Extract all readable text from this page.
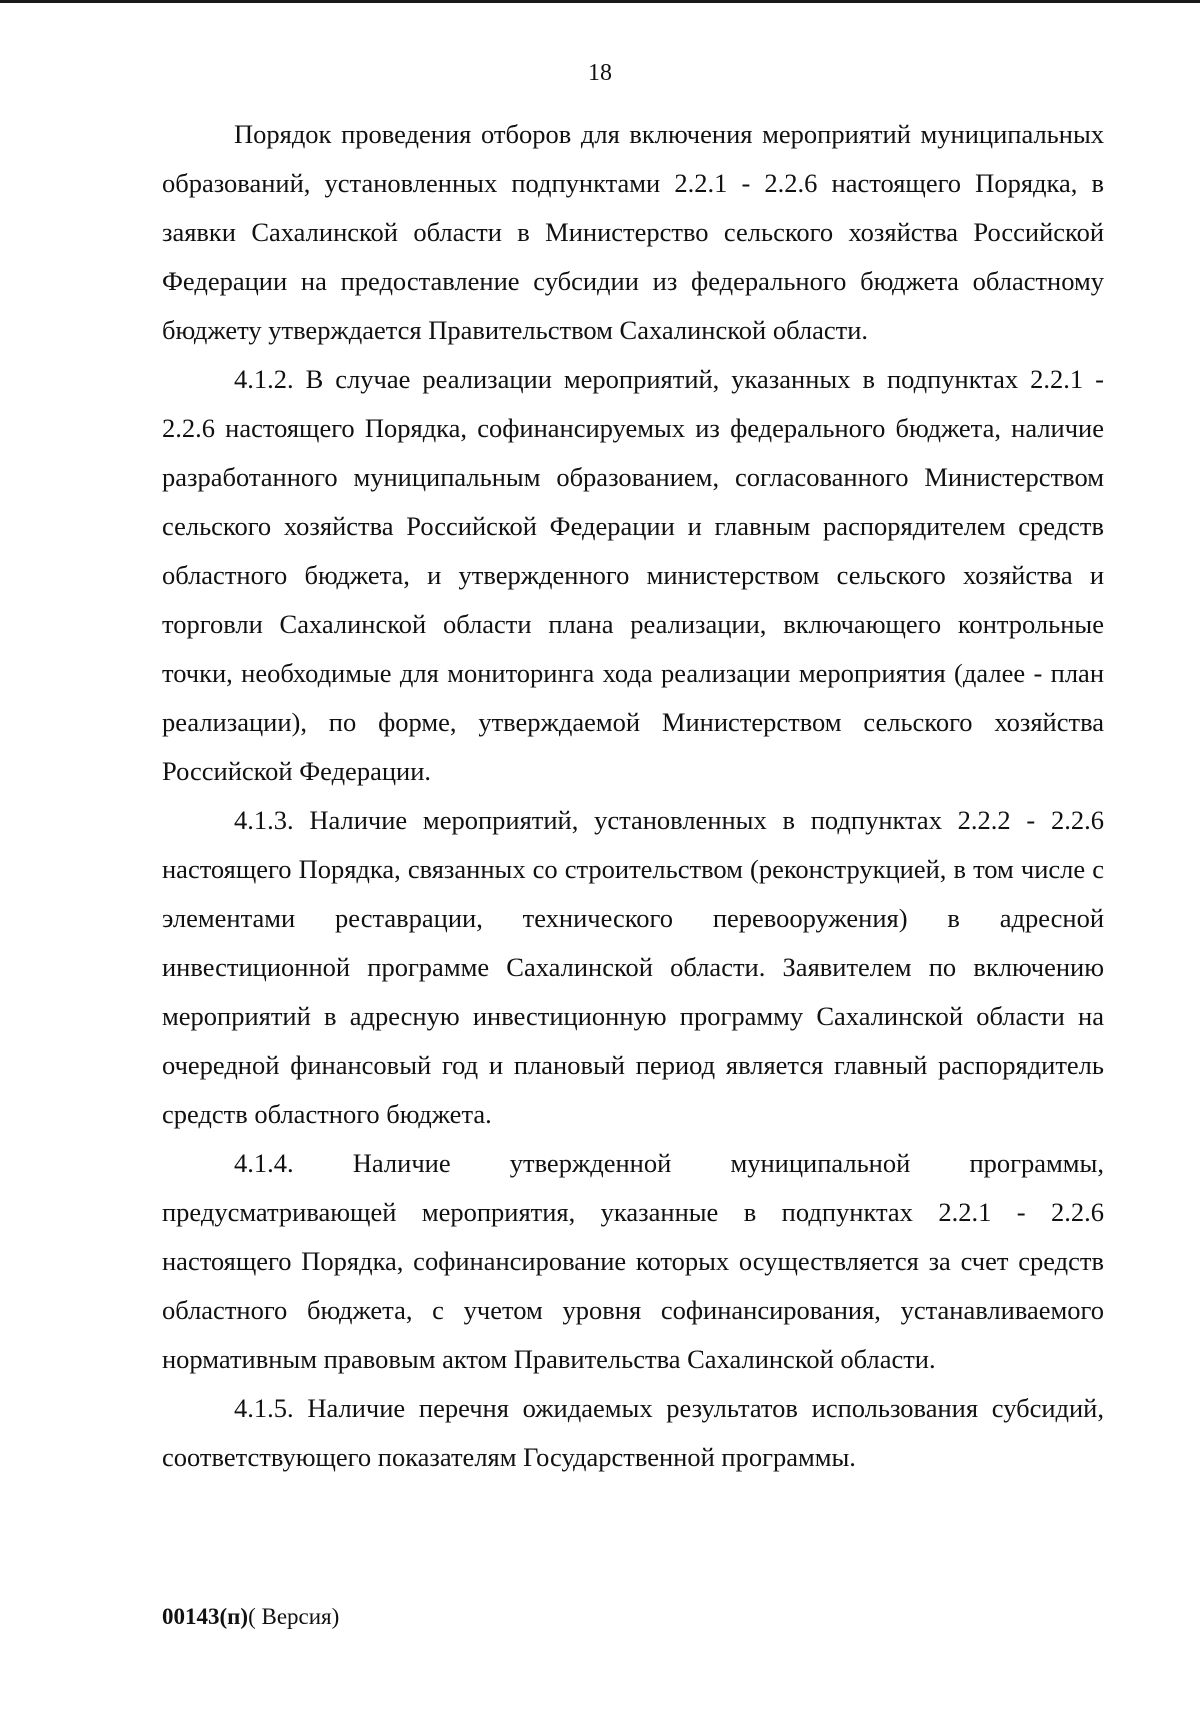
18

Порядок проведения отборов для включения мероприятий муниципальных образований, установленных подпунктами 2.2.1 - 2.2.6 настоящего Порядка, в заявки Сахалинской области в Министерство сельского хозяйства Российской Федерации на предоставление субсидии из федерального бюджета областному бюджету утверждается Правительством Сахалинской области.

4.1.2. В случае реализации мероприятий, указанных в подпунктах 2.2.1 - 2.2.6 настоящего Порядка, софинансируемых из федерального бюджета, наличие разработанного муниципальным образованием, согласованного Министерством сельского хозяйства Российской Федерации и главным распорядителем средств областного бюджета, и утвержденного министерством сельского хозяйства и торговли Сахалинской области плана реализации, включающего контрольные точки, необходимые для мониторинга хода реализации мероприятия (далее - план реализации), по форме, утверждаемой Министерством сельского хозяйства Российской Федерации.

4.1.3. Наличие мероприятий, установленных в подпунктах 2.2.2 - 2.2.6 настоящего Порядка, связанных со строительством (реконструкцией, в том числе с элементами реставрации, технического перевооружения) в адресной инвестиционной программе Сахалинской области. Заявителем по включению мероприятий в адресную инвестиционную программу Сахалинской области на очередной финансовый год и плановый период является главный распорядитель средств областного бюджета.

4.1.4. Наличие утвержденной муниципальной программы, предусматривающей мероприятия, указанные в подпунктах 2.2.1 - 2.2.6 настоящего Порядка, софинансирование которых осуществляется за счет средств областного бюджета, с учетом уровня софинансирования, устанавливаемого нормативным правовым актом Правительства Сахалинской области.

4.1.5. Наличие перечня ожидаемых результатов использования субсидий, соответствующего показателям Государственной программы.

00143(п)( Версия)
